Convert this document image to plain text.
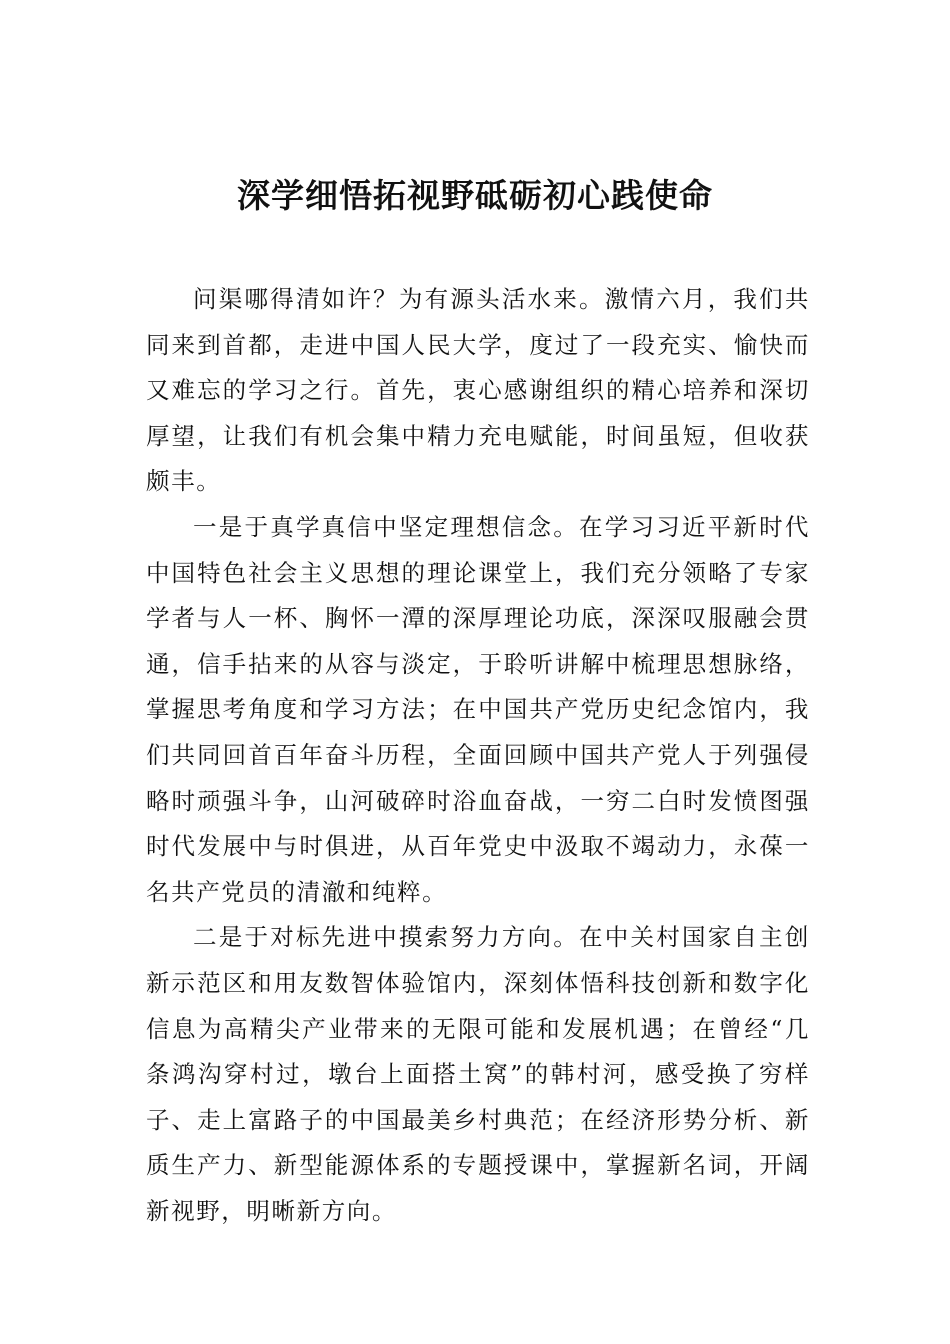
深学细悟拓视野砥砺初心践使命

问渠哪得清如许？为有源头活水来。激情六月，我们共同来到首都，走进中国人民大学，度过了一段充实、愉快而又难忘的学习之行。首先，衷心感谢组织的精心培养和深切厚望，让我们有机会集中精力充电赋能，时间虽短，但收获颇丰。

一是于真学真信中坚定理想信念。在学习习近平新时代中国特色社会主义思想的理论课堂上，我们充分领略了专家学者与人一杯、胸怀一潭的深厚理论功底，深深叹服融会贯通，信手拈来的从容与淡定，于聆听讲解中梳理思想脉络，掌握思考角度和学习方法；在中国共产党历史纪念馆内，我们共同回首百年奋斗历程，全面回顾中国共产党人于列强侵略时顽强斗争，山河破碎时浴血奋战，一穷二白时发愤图强时代发展中与时俱进，从百年党史中汲取不竭动力，永葆一名共产党员的清澈和纯粹。

二是于对标先进中摸索努力方向。在中关村国家自主创新示范区和用友数智体验馆内，深刻体悟科技创新和数字化信息为高精尖产业带来的无限可能和发展机遇；在曾经“几条鸿沟穿村过，墩台上面搭土窝”的韩村河，感受换了穷样子、走上富路子的中国最美乡村典范；在经济形势分析、新质生产力、新型能源体系的专题授课中，掌握新名词，开阔新视野，明晰新方向。
